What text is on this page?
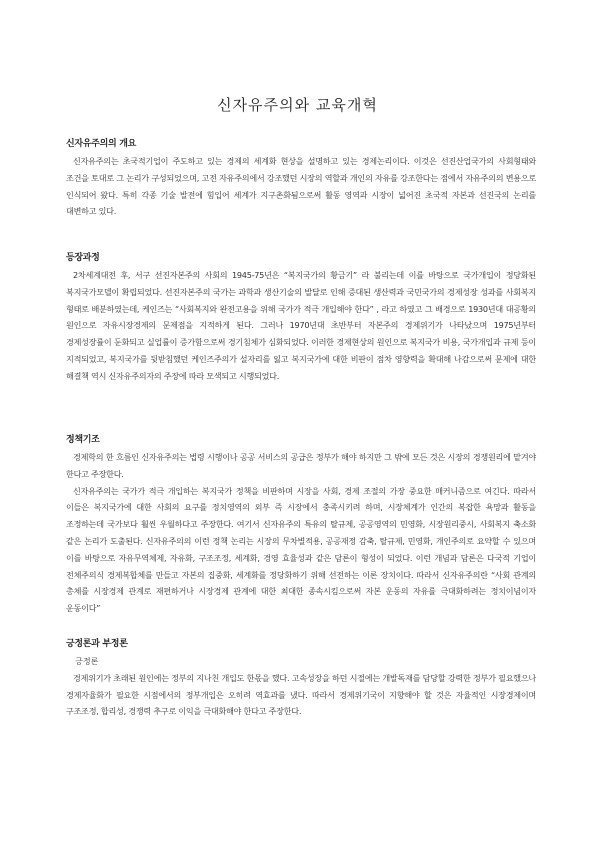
신자유주의와 교육개혁
신자유주의의 개요

신자유주의는 초국적기업이 주도하고 있는 경제의 세계화 현상을 설명하고 있는 경제논리이다. 이것은 선진산업국가의 사회형태와 조건을 토대로 그 논리가 구성되었으며, 고전 자유주의에서 강조했던 시장의 역할과 개인의 자유를 강조한다는 점에서 자유주의의 변용으로 인식되어 왔다. 특히 각종 기술 발전에 힘입어 세계가 지구촌화됨으로써 활동 영역과 시장이 넓어진 초국적 자본과 선진국의 논리를 대변하고 있다.

등장과정

2차세계대전 후, 서구 선진자본주의 사회의 1945-75년은 “복지국가의 황금기” 라 불리는데 이를 바탕으로 국가개입이 정당화된 복지국가모델이 확립되었다. 선진자본주의 국가는 과학과 생산기술의 발달로 인해 증대된 생산력과 국민국가의 경제성장 성과를 사회복지 형태로 배분하였는데, 케인즈는 “사회복지와 완전고용을 위해 국가가 적극 개입해야 한다” , 라고 하였고 그 배경으로 1930년대 대공황의 원인으로 자유시장경제의 문제점을 지적하게 된다. 그러나 1970년대 초반부터 자본주의 경제위기가 나타났으며 1975년부터 경제성장률이 둔화되고 실업률이 증가함으로써 경기침체가 심화되었다. 이러한 경제현상의 원인으로 복지국가 비용, 국가개입과 규제 등이 지적되었고, 복지국가를 뒷받침했던 케인즈주의가 설자리를 잃고 복지국가에 대한 비판이 점차 영향력을 확대해 나감으로써 문제에 대한 해결책 역시 신자유주의자의 주장에 따라 모색되고 시행되었다.

정책기조

경제학의 한 흐름인 신자유주의는 법령 시행이나 공공 서비스의 공급은 정부가 해야 하지만 그 밖에 모든 것은 시장의 경쟁원리에 맡겨야 한다고 주장한다.

신자유주의는 국가가 적극 개입하는 복지국가 정책을 비판하며 시장을 사회, 경제 조절의 가장 중요한 매커니즘으로 여긴다. 따라서 이들은 복지국가에 대한 사회의 요구를 정치영역의 외부 즉 시장에서 충족시키려 하며, 시장체계가 인간의 복잡한 욕망과 활동을 조정하는데 국가보다 훨씬 우월하다고 주장한다. 여기서 신자유주의 특유의 탈규제, 공공영역의 민영화, 시장원리중시, 사회복지 축소화 같은 논리가 도출된다. 신자유주의의 이런 정책 논리는 시장의 무차별적용, 공공재정 감축, 탈규제, 민영화, 개인주의로 요약할 수 있으며 이를 바탕으로 자유무역체제, 자유화, 구조조정, 세계화, 경영 효율성과 같은 담론이 형성이 되었다. 이런 개념과 담론은 다국적 기업이 전체주의식 경제복합체를 만들고 자본의 집중화, 세계화를 정당화하기 위해 선전하는 이론 장치이다. 따라서 신자유주의란 “사회 관계의 총체를 시장경제 관계로 재편하거나 시장경제 관계에 대한 최대한 종속시킴으로써 자본 운동의 자유를 극대화하려는 정치이념이자 운동이다”

긍정론과 부정론
긍정론

경제위기가 초래된 원인에는 정부의 지나친 개입도 한몫을 했다. 고속성장을 하던 시절에는 개발독재를 담당할 강력한 정부가 필요했으나 경제자율화가 필요한 시점에서의 정부개입은 오히려 역효과를 냈다. 따라서 경제위기국이 지향해야 할 것은 자율적인 시장경제이며 구조조정, 합리성, 경쟁력 추구로 이익을 극대화해야 한다고 주장한다.
